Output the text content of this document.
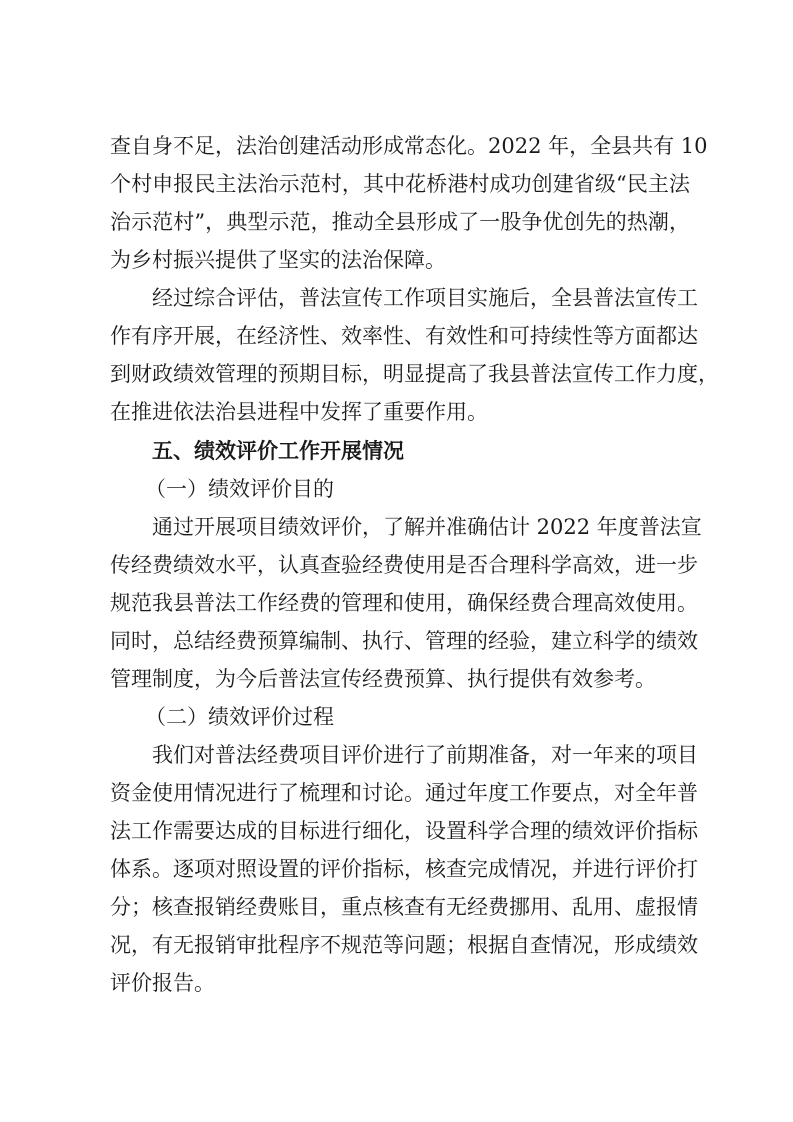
查自身不足，法治创建活动形成常态化。2022 年，全县共有 10
个村申报民主法治示范村，其中花桥港村成功创建省级“民主法
治示范村”，典型示范，推动全县形成了一股争优创先的热潮，
为乡村振兴提供了坚实的法治保障。
经过综合评估，普法宣传工作项目实施后，全县普法宣传工
作有序开展，在经济性、效率性、有效性和可持续性等方面都达
到财政绩效管理的预期目标，明显提高了我县普法宣传工作力度，
在推进依法治县进程中发挥了重要作用。
五、绩效评价工作开展情况
（一）绩效评价目的
通过开展项目绩效评价，了解并准确估计 2022 年度普法宣
传经费绩效水平，认真查验经费使用是否合理科学高效，进一步
规范我县普法工作经费的管理和使用，确保经费合理高效使用。
同时，总结经费预算编制、执行、管理的经验，建立科学的绩效
管理制度，为今后普法宣传经费预算、执行提供有效参考。
（二）绩效评价过程
我们对普法经费项目评价进行了前期准备，对一年来的项目
资金使用情况进行了梳理和讨论。通过年度工作要点，对全年普
法工作需要达成的目标进行细化，设置科学合理的绩效评价指标
体系。逐项对照设置的评价指标，核查完成情况，并进行评价打
分；核查报销经费账目，重点核查有无经费挪用、乱用、虚报情
况，有无报销审批程序不规范等问题；根据自查情况，形成绩效
评价报告。
